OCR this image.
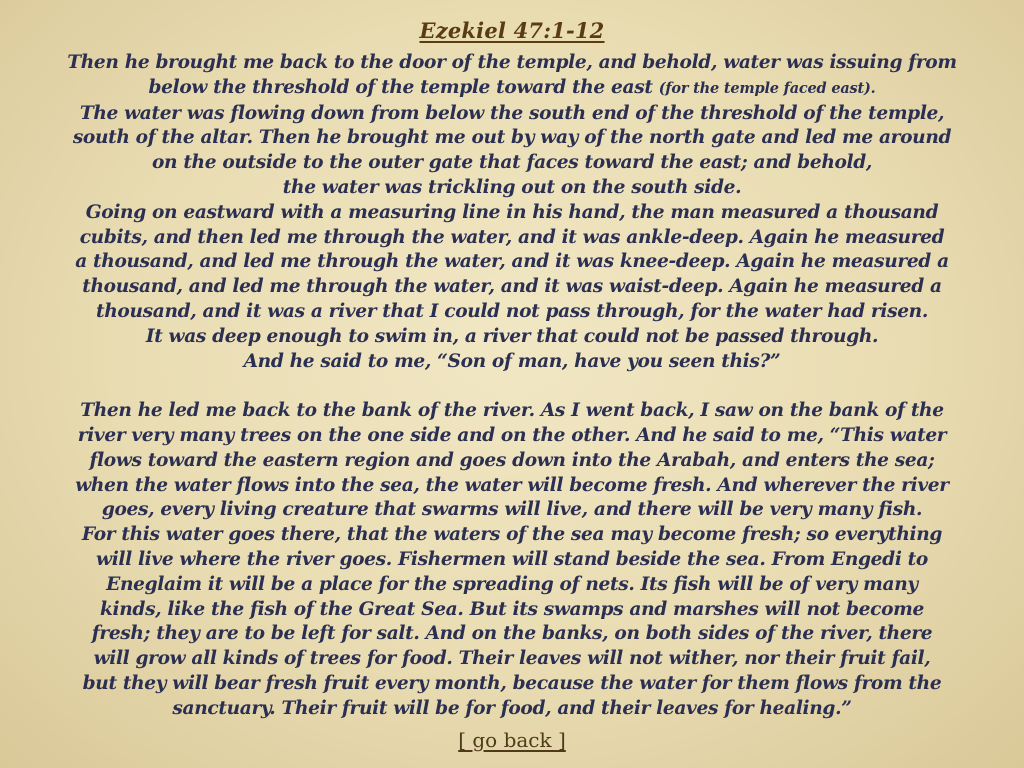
Ezekiel 47:1-12
Then he brought me back to the door of the temple, and behold, water was issuing from
below the threshold of the temple toward the east (for the temple faced east).
The water was flowing down from below the south end of the threshold of the temple,
south of the altar. Then he brought me out by way of the north gate and led me around
on the outside to the outer gate that faces toward the east; and behold,
the water was trickling out on the south side.
Going on eastward with a measuring line in his hand, the man measured a thousand
cubits, and then led me through the water, and it was ankle-deep. Again he measured
a thousand, and led me through the water, and it was knee-deep. Again he measured a
thousand, and led me through the water, and it was waist-deep. Again he measured a
thousand, and it was a river that I could not pass through, for the water had risen.
It was deep enough to swim in, a river that could not be passed through.
And he said to me, “Son of man, have you seen this?”
Then he led me back to the bank of the river. As I went back, I saw on the bank of the
river very many trees on the one side and on the other. And he said to me, “This water
flows toward the eastern region and goes down into the Arabah, and enters the sea;
when the water flows into the sea, the water will become fresh. And wherever the river
goes, every living creature that swarms will live, and there will be very many fish.
For this water goes there, that the waters of the sea may become fresh; so everything
will live where the river goes. Fishermen will stand beside the sea. From Engedi to
Eneglaim it will be a place for the spreading of nets. Its fish will be of very many
kinds, like the fish of the Great Sea. But its swamps and marshes will not become
fresh; they are to be left for salt. And on the banks, on both sides of the river, there
will grow all kinds of trees for food. Their leaves will not wither, nor their fruit fail,
but they will bear fresh fruit every month, because the water for them flows from the
sanctuary. Their fruit will be for food, and their leaves for healing.”
[ go back ]
